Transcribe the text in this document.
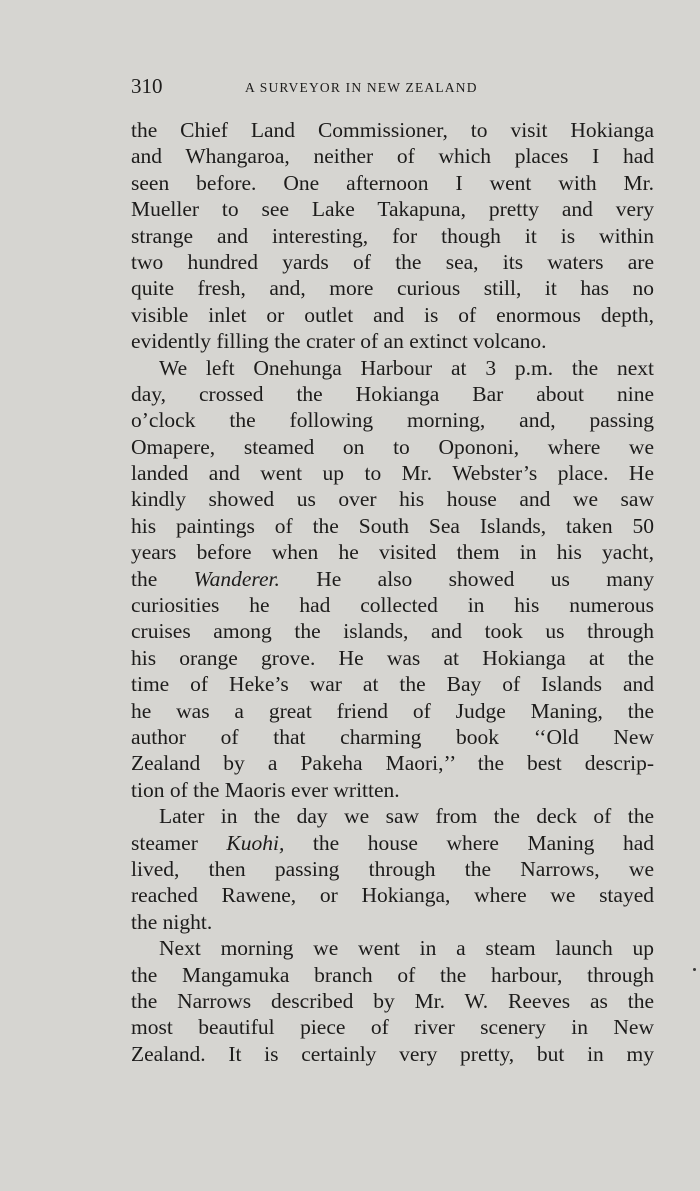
310	A SURVEYOR IN NEW ZEALAND
the Chief Land Commissioner, to visit Hokianga
and Whangaroa, neither of which places I had
seen before. One afternoon I went with Mr.
Mueller to see Lake Takapuna, pretty and very
strange and interesting, for though it is within
two hundred yards of the sea, its waters are
quite fresh, and, more curious still, it has no
visible inlet or outlet and is of enormous depth,
evidently filling the crater of an extinct volcano.
We left Onehunga Harbour at 3 p.m. the next
day, crossed the Hokianga Bar about nine
o’clock the following morning, and, passing
Omapere, steamed on to Opononi, where we
landed and went up to Mr. Webster’s place. He
kindly showed us over his house and we saw
his paintings of the South Sea Islands, taken 50
years before when he visited them in his yacht,
the Wanderer. He also showed us many
curiosities he had collected in his numerous
cruises among the islands, and took us through
his orange grove. He was at Hokianga at the
time of Heke’s war at the Bay of Islands and
he was a great friend of Judge Maning, the
author of that charming book ‘‘Old New
Zealand by a Pakeha Maori,’’ the best descrip-
tion of the Maoris ever written.
Later in the day we saw from the deck of the
steamer Kuohi, the house where Maning had
lived, then passing through the Narrows, we
reached Rawene, or Hokianga, where we stayed
the night.
Next morning we went in a steam launch up
the Mangamuka branch of the harbour, through
the Narrows described by Mr. W. Reeves as the
most beautiful piece of river scenery in New
Zealand. It is certainly very pretty, but in my
